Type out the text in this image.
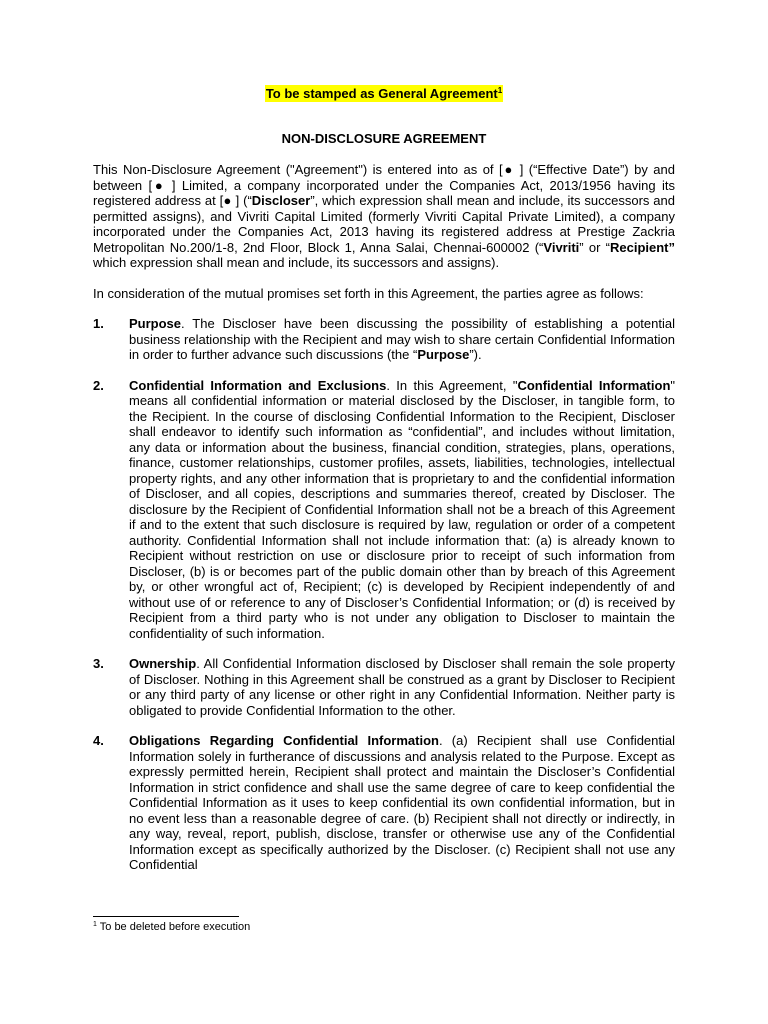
To be stamped as General Agreement$^1$
NON-DISCLOSURE AGREEMENT

This Non-Disclosure Agreement ("Agreement") is entered into as of [● ] (“Effective Date”) by and between [● ] Limited, a company incorporated under the Companies Act, 2013/1956 having its registered address at [● ] (“Discloser”, which expression shall mean and include, its successors and permitted assigns), and Vivriti Capital Limited (formerly Vivriti Capital Private Limited), a company incorporated under the Companies Act, 2013 having its registered address at Prestige Zackria Metropolitan No.200/1-8, 2nd Floor, Block 1, Anna Salai, Chennai-600002 (“Vivriti” or “Recipient” which expression shall mean and include, its successors and assigns).

In consideration of the mutual promises set forth in this Agreement, the parties agree as follows:

1. Purpose. The Discloser have been discussing the possibility of establishing a potential business relationship with the Recipient and may wish to share certain Confidential Information in order to further advance such discussions (the “Purpose”).
2. Confidential Information and Exclusions. In this Agreement, "Confidential Information" means all confidential information or material disclosed by the Discloser, in tangible form, to the Recipient. In the course of disclosing Confidential Information to the Recipient, Discloser shall endeavor to identify such information as “confidential”, and includes without limitation, any data or information about the business, financial condition, strategies, plans, operations, finance, customer relationships, customer profiles, assets, liabilities, technologies, intellectual property rights, and any other information that is proprietary to and the confidential information of Discloser, and all copies, descriptions and summaries thereof, created by Discloser. The disclosure by the Recipient of Confidential Information shall not be a breach of this Agreement if and to the extent that such disclosure is required by law, regulation or order of a competent authority. Confidential Information shall not include information that: (a) is already known to Recipient without restriction on use or disclosure prior to receipt of such information from Discloser, (b) is or becomes part of the public domain other than by breach of this Agreement by, or other wrongful act of, Recipient; (c) is developed by Recipient independently of and without use of or reference to any of Discloser’s Confidential Information; or (d) is received by Recipient from a third party who is not under any obligation to Discloser to maintain the confidentiality of such information.
3. Ownership. All Confidential Information disclosed by Discloser shall remain the sole property of Discloser. Nothing in this Agreement shall be construed as a grant by Discloser to Recipient or any third party of any license or other right in any Confidential Information. Neither party is obligated to provide Confidential Information to the other.
4. Obligations Regarding Confidential Information. (a) Recipient shall use Confidential Information solely in furtherance of discussions and analysis related to the Purpose. Except as expressly permitted herein, Recipient shall protect and maintain the Discloser’s Confidential Information in strict confidence and shall use the same degree of care to keep confidential the Confidential Information as it uses to keep confidential its own confidential information, but in no event less than a reasonable degree of care. (b) Recipient shall not directly or indirectly, in any way, reveal, report, publish, disclose, transfer or otherwise use any of the Confidential Information except as specifically authorized by the Discloser. (c) Recipient shall not use any Confidential
$^1$ To be deleted before execution
